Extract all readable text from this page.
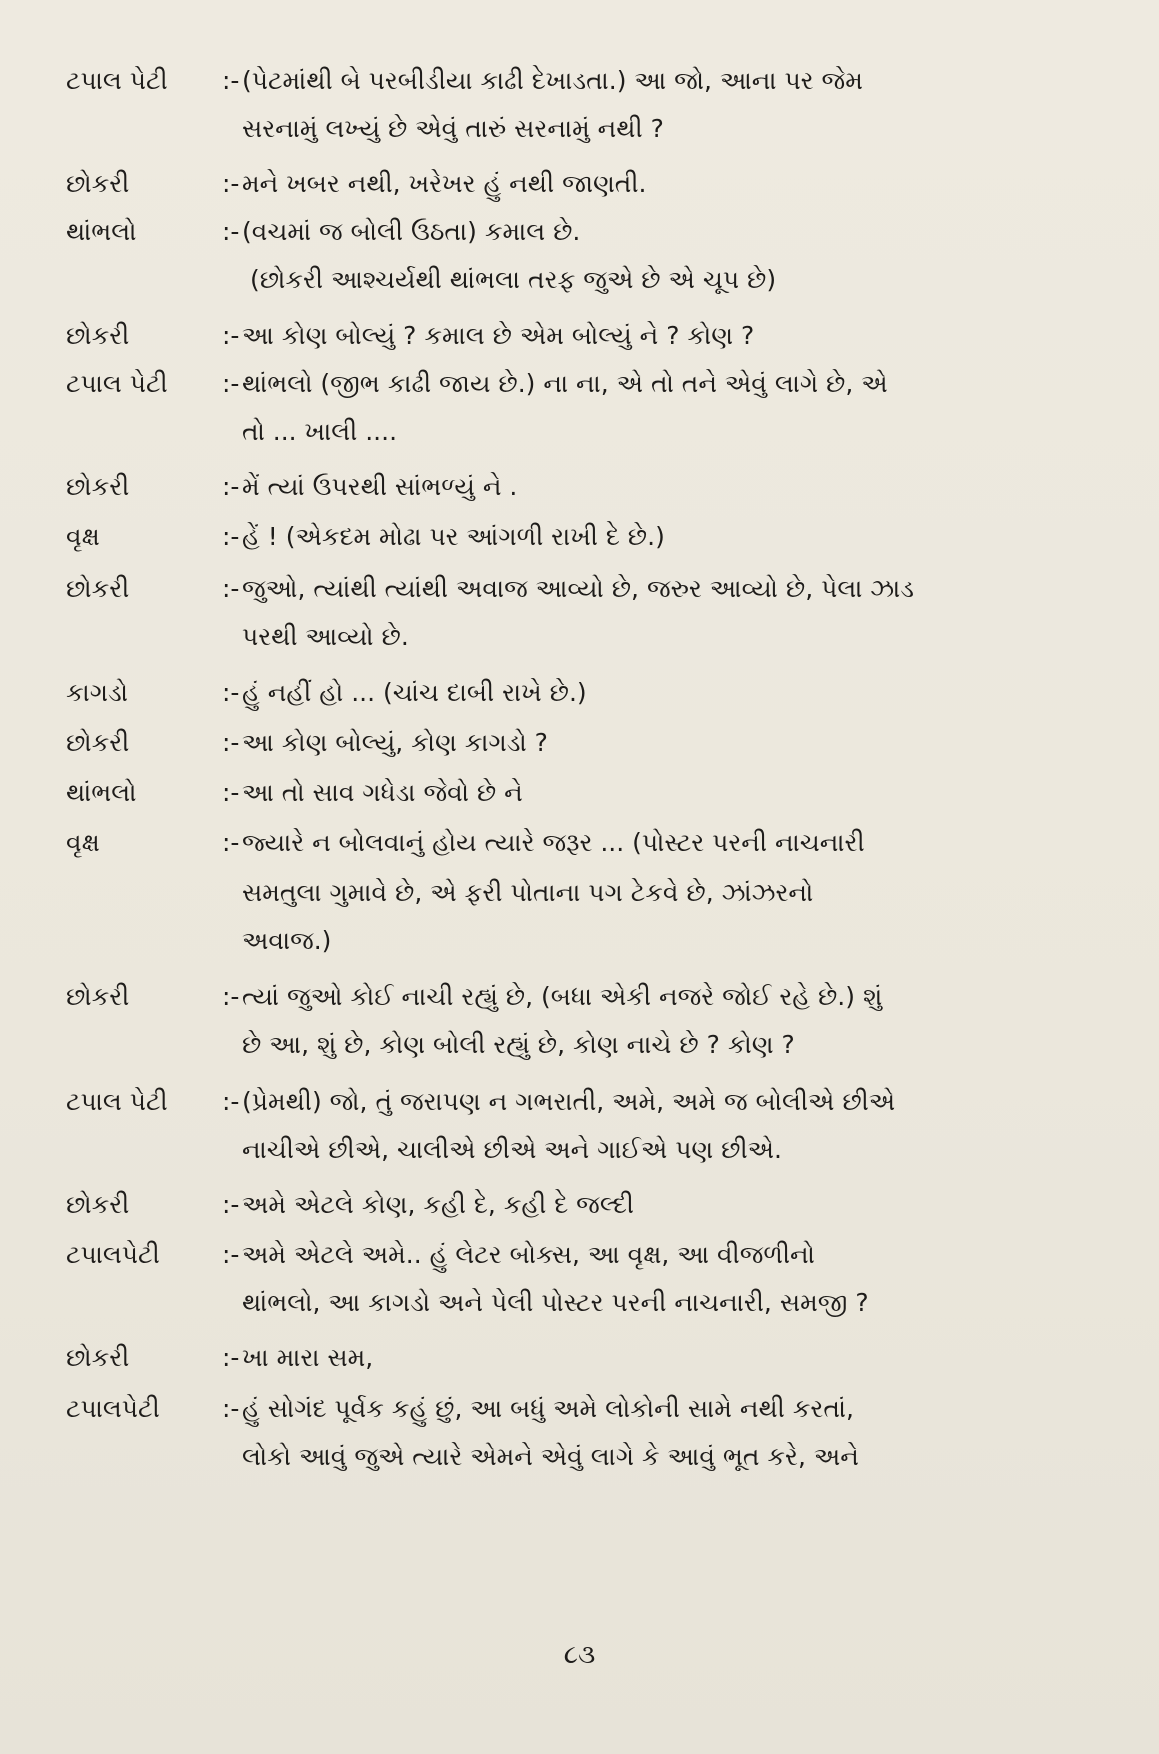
ટપાલ પેટી :- (પેટમાંથી બે પરબીડીયા કાઢી દેખાડતા.) આ જો, આના પર જેમ
સરનામું લખ્યું છે એવું તારું સરનામું નથી ?
છોકરી	:- મને ખબર નથી, ખરેખર હું નથી જાણતી.
થાંભલો	:- (વચમાં જ બોલી ઉઠતા) કમાલ છે.
(છોકરી આશ્ચર્યથી થાંભલા તરફ જુએ છે એ ચૂપ છે)
છોકરી	:- આ કોણ બોલ્યું ? કમાલ છે એમ બોલ્યું ને ? કોણ ?
ટપાલ પેટી :- થાંભલો (જીભ કાઢી જાય છે.) ના ના, એ તો તને એવું લાગે છે, એ
તો ... ખાલી ....
છોકરી	:- મેં ત્યાં ઉપરથી સાંભળ્યું ને .
વૃક્ષ	:- હેં ! (એકદમ મોઢા પર આંગળી રાખી દે છે.)
છોકરી	:- જુઓ, ત્યાંથી ત્યાંથી અવાજ આવ્યો છે, જરુર આવ્યો છે, પેલા ઝાડ
પરથી આવ્યો છે.
કાગડો	:- હું નહીં હો ... (ચાંચ દાબી રાખે છે.)
છોકરી	:- આ કોણ બોલ્યું, કોણ કાગડો ?
થાંભલો	:- આ તો સાવ ગધેડા જેવો છે ને
વૃક્ષ	:- જ્યારે ન બોલવાનું હોય ત્યારે જરૂર ... (પોસ્ટર પરની નાચનારી
સમતુલા ગુમાવે છે, એ ફરી પોતાના પગ ટેકવે છે, ઝાંઝરનો
અવાજ.)
છોકરી	:- ત્યાં જુઓ કોઈ નાચી રહ્યું છે, (બધા એકી નજરે જોઈ રહે છે.) શું
છે આ, શું છે, કોણ બોલી રહ્યું છે, કોણ નાચે છે ? કોણ ?
ટપાલ પેટી :- (પ્રેમથી) જો, તું જરાપણ ન ગભરાતી, અમે, અમે જ બોલીએ છીએ
નાચીએ છીએ, ચાલીએ છીએ અને ગાઈએ પણ છીએ.
છોકરી	:- અમે એટલે કોણ, કહી દે, કહી દે જલ્દી
ટપાલપેટી :- અમે એટલે અમે.. હું લેટર બોક્સ, આ વૃક્ષ, આ વીજળીનો
થાંભલો, આ કાગડો અને પેલી પોસ્ટર પરની નાચનારી, સમજી ?
છોકરી	:- ખા મારા સમ,
ટપાલપેટી :- હું સોગંદ પૂર્વક કહું છું, આ બધું અમે લોકોની સામે નથી કરતાં,
લોકો આવું જુએ ત્યારે એમને એવું લાગે કે આવું ભૂત કરે, અને
૮૩
